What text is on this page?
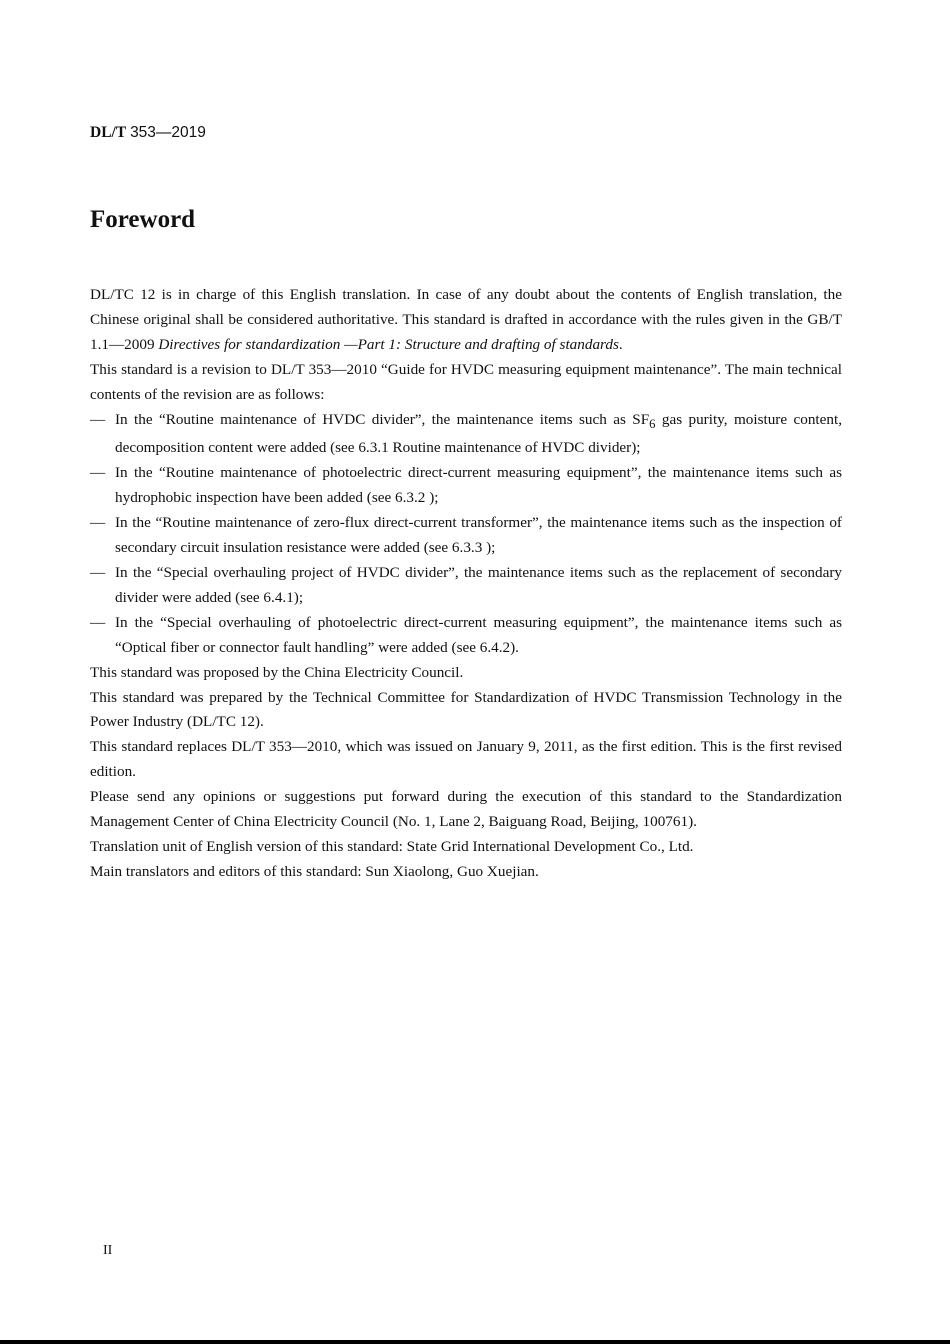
DL/T 353—2019
Foreword

DL/TC 12 is in charge of this English translation. In case of any doubt about the contents of English translation, the Chinese original shall be considered authoritative. This standard is drafted in accordance with the rules given in the GB/T 1.1—2009 Directives for standardization —Part 1: Structure and drafting of standards.

This standard is a revision to DL/T 353—2010 “Guide for HVDC measuring equipment maintenance”. The main technical contents of the revision are as follows:

— In the “Routine maintenance of HVDC divider”, the maintenance items such as $SF_6$ gas purity, moisture content, decomposition content were added (see 6.3.1 Routine maintenance of HVDC divider);

— In the “Routine maintenance of photoelectric direct-current measuring equipment”, the maintenance items such as hydrophobic inspection have been added (see 6.3.2 );

— In the “Routine maintenance of zero-flux direct-current transformer”, the maintenance items such as the inspection of secondary circuit insulation resistance were added (see 6.3.3 );

— In the “Special overhauling project of HVDC divider”, the maintenance items such as the replacement of secondary divider were added (see 6.4.1);

— In the “Special overhauling of photoelectric direct-current measuring equipment”, the maintenance items such as “Optical fiber or connector fault handling” were added (see 6.4.2).

This standard was proposed by the China Electricity Council.

This standard was prepared by the Technical Committee for Standardization of HVDC Transmission Technology in the Power Industry (DL/TC 12).

This standard replaces DL/T 353—2010, which was issued on January 9, 2011, as the first edition. This is the first revised edition.

Please send any opinions or suggestions put forward during the execution of this standard to the Standardization Management Center of China Electricity Council (No. 1, Lane 2, Baiguang Road, Beijing, 100761).

Translation unit of English version of this standard: State Grid International Development Co., Ltd.

Main translators and editors of this standard: Sun Xiaolong, Guo Xuejian.

II
